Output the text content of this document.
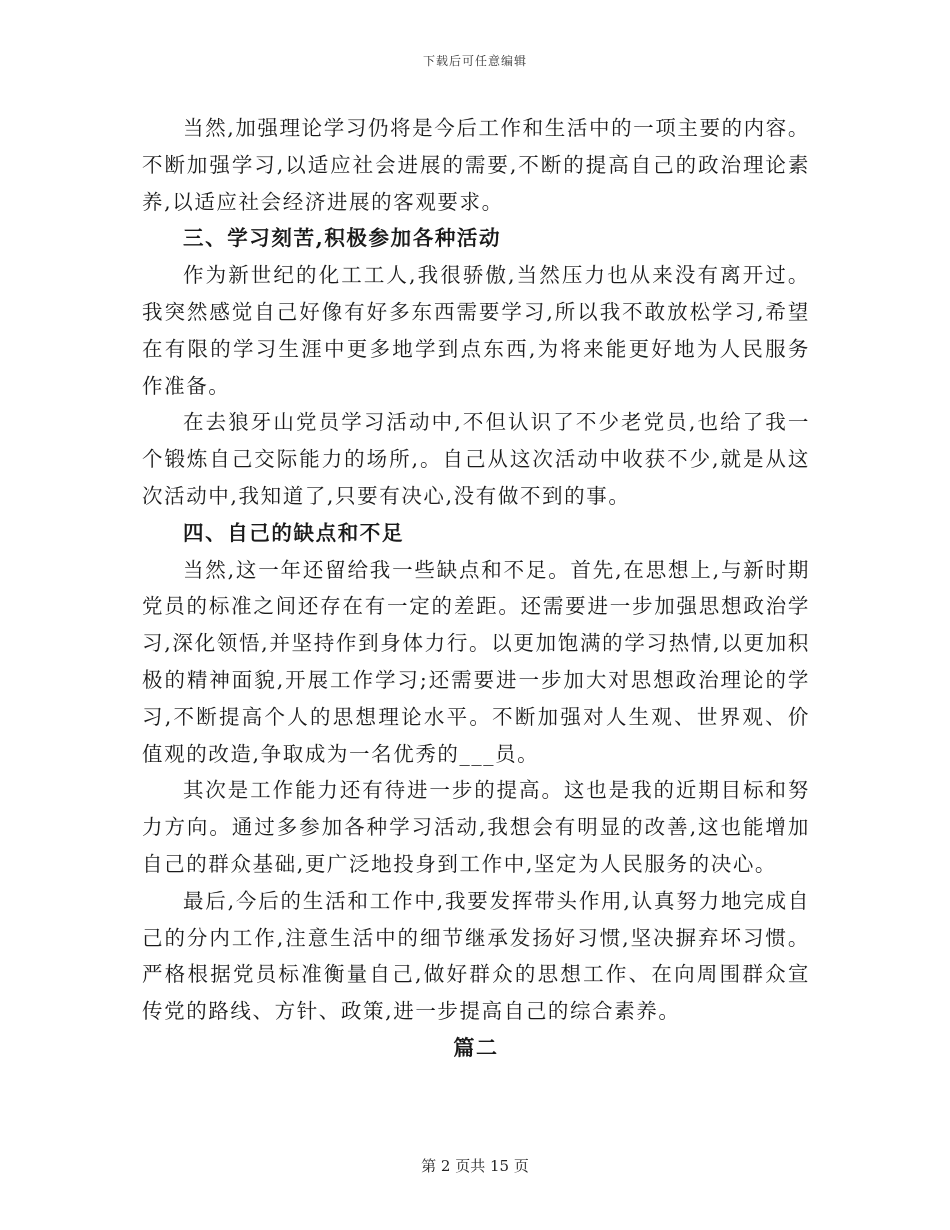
下载后可任意编辑

当然,加强理论学习仍将是今后工作和生活中的一项主要的内容。不断加强学习,以适应社会进展的需要,不断的提高自己的政治理论素养,以适应社会经济进展的客观要求。

三、学习刻苦,积极参加各种活动

作为新世纪的化工工人,我很骄傲,当然压力也从来没有离开过。我突然感觉自己好像有好多东西需要学习,所以我不敢放松学习,希望在有限的学习生涯中更多地学到点东西,为将来能更好地为人民服务作准备。

在去狼牙山党员学习活动中,不但认识了不少老党员,也给了我一个锻炼自己交际能力的场所,。自己从这次活动中收获不少,就是从这次活动中,我知道了,只要有决心,没有做不到的事。

四、自己的缺点和不足

当然,这一年还留给我一些缺点和不足。首先,在思想上,与新时期党员的标准之间还存在有一定的差距。还需要进一步加强思想政治学习,深化领悟,并坚持作到身体力行。以更加饱满的学习热情,以更加积极的精神面貌,开展工作学习;还需要进一步加大对思想政治理论的学习,不断提高个人的思想理论水平。不断加强对人生观、世界观、价值观的改造,争取成为一名优秀的___员。

其次是工作能力还有待进一步的提高。这也是我的近期目标和努力方向。通过多参加各种学习活动,我想会有明显的改善,这也能增加自己的群众基础,更广泛地投身到工作中,坚定为人民服务的决心。

最后,今后的生活和工作中,我要发挥带头作用,认真努力地完成自己的分内工作,注意生活中的细节继承发扬好习惯,坚决摒弃坏习惯。严格根据党员标准衡量自己,做好群众的思想工作、在向周围群众宣传党的路线、方针、政策,进一步提高自己的综合素养。

篇二

第 2 页共 15 页
